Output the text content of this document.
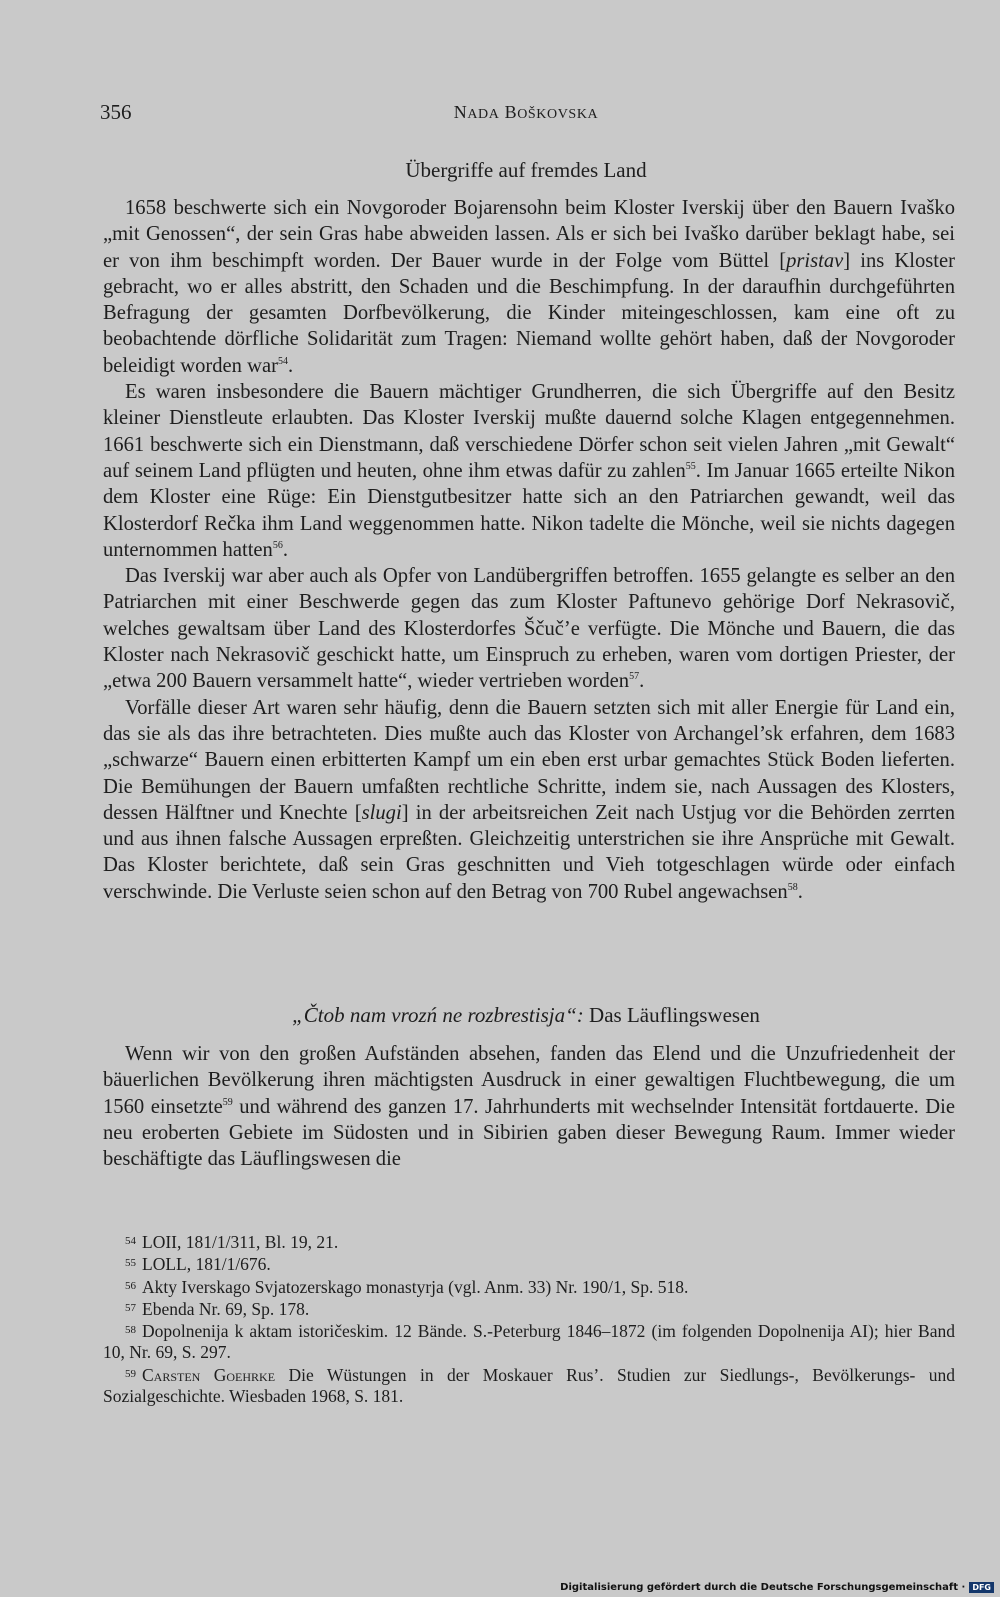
356	NADA BOŠKOVSKA
Übergriffe auf fremdes Land

1658 beschwerte sich ein Novgoroder Bojarensohn beim Kloster Iverskij über den Bauern Ivaško „mit Genossen“, der sein Gras habe abweiden lassen. Als er sich bei Ivaško darüber beklagt habe, sei er von ihm beschimpft worden. Der Bauer wurde in der Folge vom Büttel [pristav] ins Kloster gebracht, wo er alles abstritt, den Schaden und die Beschimpfung. In der daraufhin durchgeführten Befragung der gesamten Dorfbevölkerung, die Kinder miteingeschlossen, kam eine oft zu beobachtende dörfliche Solidarität zum Tragen: Niemand wollte gehört haben, daß der Novgoroder beleidigt worden war$^{54}$.

Es waren insbesondere die Bauern mächtiger Grundherren, die sich Übergriffe auf den Besitz kleiner Dienstleute erlaubten. Das Kloster Iverskij mußte dauernd solche Klagen entgegennehmen. 1661 beschwerte sich ein Dienstmann, daß verschiedene Dörfer schon seit vielen Jahren „mit Gewalt“ auf seinem Land pflügten und heuten, ohne ihm etwas dafür zu zahlen$^{55}$. Im Januar 1665 erteilte Nikon dem Kloster eine Rüge: Ein Dienstgutbesitzer hatte sich an den Patriarchen gewandt, weil das Klosterdorf Rečka ihm Land weggenommen hatte. Nikon tadelte die Mönche, weil sie nichts dagegen unternommen hatten$^{56}$.

Das Iverskij war aber auch als Opfer von Landübergriffen betroffen. 1655 gelangte es selber an den Patriarchen mit einer Beschwerde gegen das zum Kloster Paftunevo gehörige Dorf Nekrasovič, welches gewaltsam über Land des Klosterdorfes Ščuč’e verfügte. Die Mönche und Bauern, die das Kloster nach Nekrasovič geschickt hatte, um Einspruch zu erheben, waren vom dortigen Priester, der „etwa 200 Bauern versammelt hatte“, wieder vertrieben worden$^{57}$.

Vorfälle dieser Art waren sehr häufig, denn die Bauern setzten sich mit aller Energie für Land ein, das sie als das ihre betrachteten. Dies mußte auch das Kloster von Archangel’sk erfahren, dem 1683 „schwarze“ Bauern einen erbitterten Kampf um ein eben erst urbar gemachtes Stück Boden lieferten. Die Bemühungen der Bauern umfaßten rechtliche Schritte, indem sie, nach Aussagen des Klosters, dessen Hälftner und Knechte [slugi] in der arbeitsreichen Zeit nach Ustjug vor die Behörden zerrten und aus ihnen falsche Aussagen erpreßten. Gleichzeitig unterstrichen sie ihre Ansprüche mit Gewalt. Das Kloster berichtete, daß sein Gras geschnitten und Vieh totgeschlagen würde oder einfach verschwinde. Die Verluste seien schon auf den Betrag von 700 Rubel angewachsen$^{58}$.

„Čtob nam vrozń ne rozbrestisja“: Das Läuflingswesen

Wenn wir von den großen Aufständen absehen, fanden das Elend und die Unzufriedenheit der bäuerlichen Bevölkerung ihren mächtigsten Ausdruck in einer gewaltigen Fluchtbewegung, die um 1560 einsetzte$^{59}$ und während des ganzen 17. Jahrhunderts mit wechselnder Intensität fortdauerte. Die neu eroberten Gebiete im Südosten und in Sibirien gaben dieser Bewegung Raum. Immer wieder beschäftigte das Läuflingswesen die

$^{54}$ LOII, 181/1/311, Bl. 19, 21.
$^{55}$ LOLL, 181/1/676.
$^{56}$ Akty Iverskago Svjatozerskago monastyrja (vgl. Anm. 33) Nr. 190/1, Sp. 518.
$^{57}$ Ebenda Nr. 69, Sp. 178.
$^{58}$ Dopolnenija k aktam istoričeskim. 12 Bände. S.-Peterburg 1846–1872 (im folgenden Dopolnenija AI); hier Band 10, Nr. 69, S. 297.
$^{59}$ Carsten Goehrke Die Wüstungen in der Moskauer Rus’. Studien zur Siedlungs-, Bevölkerungs- und Sozialgeschichte. Wiesbaden 1968, S. 181.
Digitalisierung gefördert durch die Deutsche Forschungsgemeinschaft · DFG
